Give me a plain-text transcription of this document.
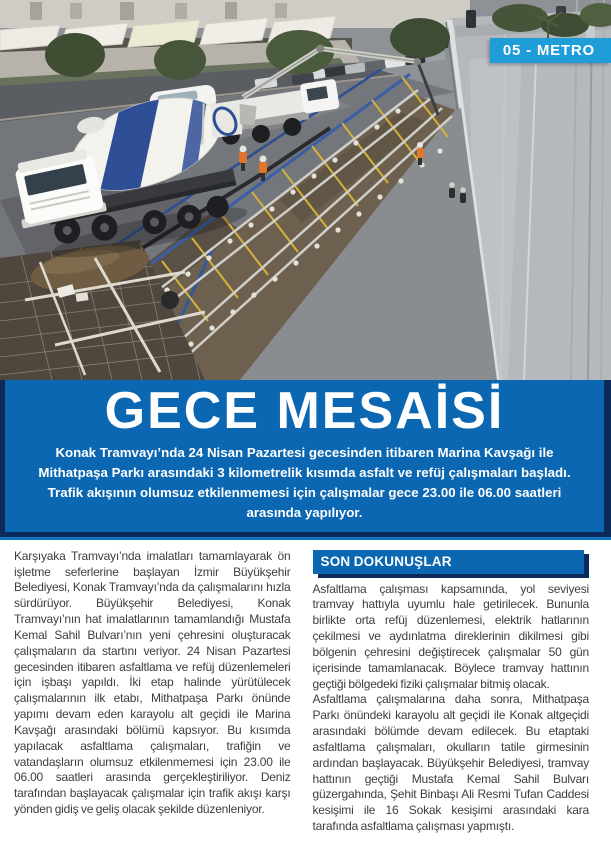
05 - METRO
GECE MESAİSİ

Konak Tramvayı’nda 24 Nisan Pazartesi gecesinden itibaren Marina Kavşağı ile Mithatpaşa Parkı arasındaki 3 kilometrelik kısımda asfalt ve refüj çalışmaları başladı. Trafik akışının olumsuz etkilenmemesi için çalışmalar gece 23.00 ile 06.00 saatleri arasında yapılıyor.

Karşıyaka Tramvayı’nda imalatları tamamlayarak ön işletme seferlerine başlayan İzmir Büyükşehir Belediyesi, Konak Tramvayı’nda da çalışmalarını hızla sürdürüyor. Büyükşehir Belediyesi, Konak Tramvayı’nın hat imalatlarının tamamlandığı Mustafa Kemal Sahil Bulvarı’nın yeni çehresini oluşturacak çalışmaların da startını veriyor. 24 Nisan Pazartesi gecesinden itibaren asfaltlama ve refüj düzenlemeleri için işbaşı yapıldı. İki etap halinde yürütülecek çalışmalarının ilk etabı, Mithatpaşa Parkı önünde yapımı devam eden karayolu alt geçidi ile Marina Kavşağı arasındaki bölümü kapsıyor. Bu kısımda yapılacak asfaltlama çalışmaları, trafiğin ve vatandaşların olumsuz etkilenmemesi için 23.00 ile 06.00 saatleri arasında gerçekleştiriliyor. Deniz tarafından başlayacak çalışmalar için trafik akışı karşı yönden gidiş ve geliş olacak şekilde düzenleniyor.

SON DOKUNUŞLAR

Asfaltlama çalışması kapsamında, yol seviyesi tramvay hattıyla uyumlu hale getirilecek. Bununla birlikte orta refüj düzenlemesi, elektrik hatlarının çekilmesi ve aydınlatma direklerinin dikilmesi gibi bölgenin çehresini değiştirecek çalışmalar 50 gün içerisinde tamamlanacak. Böylece tramvay hattının geçtiği bölgedeki fiziki çalışmalar bitmiş olacak.

Asfaltlama çalışmalarına daha sonra, Mithatpaşa Parkı önündeki karayolu alt geçidi ile Konak altgeçidi arasındaki bölümde devam edilecek. Bu etaptaki asfaltlama çalışmaları, okulların tatile girmesinin ardından başlayacak. Büyükşehir Belediyesi, tramvay hattının geçtiği Mustafa Kemal Sahil Bulvarı güzergahında, Şehit Binbaşı Ali Resmi Tufan Caddesi kesişimi ile 16 Sokak kesişimi arasındaki kara tarafında asfaltlama çalışması yapmıştı.
